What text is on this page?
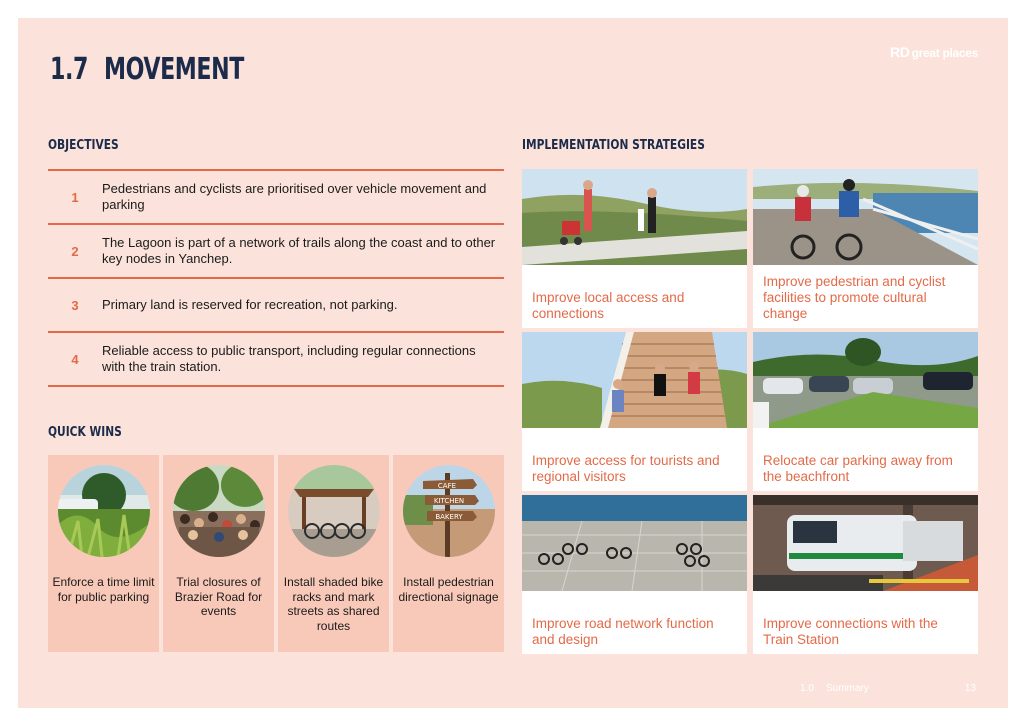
1.7 MOVEMENT	RD great places
OBJECTIVES
1
Pedestrians and cyclists are prioritised over vehicle movement and parking
2
The Lagoon is part of a network of trails along the coast and to other key nodes in Yanchep.
3	Primary land is reserved for recreation, not parking.
4
Reliable access to public transport, including regular connections with the train station.
QUICK WINS
Enforce a time limit for public parking
Trial closures of Brazier Road for events
Install shaded bike racks and mark streets as shared routes
CAFE
KITCHEN
BAKERY
Install pedestrian directional signage
IMPLEMENTATION STRATEGIES
Improve local access and connections
Improve pedestrian and cyclist facilities to promote cultural change
Improve access for tourists and regional visitors
Relocate car parking away from the beachfront
Improve road network function and design
Improve connections with the Train Station
1.0 Summary	13
